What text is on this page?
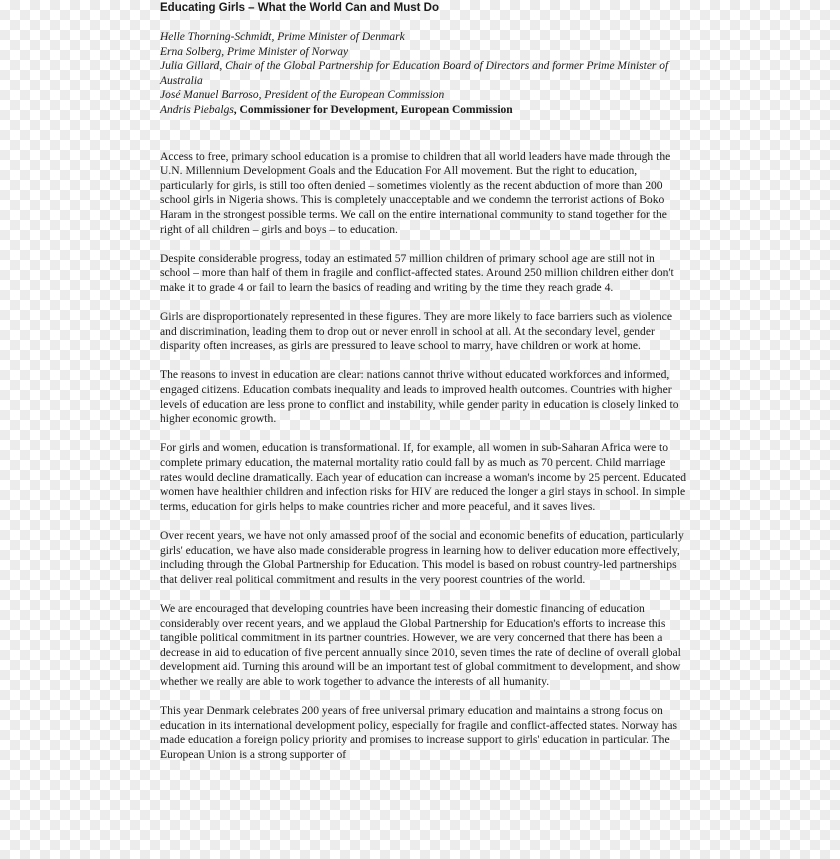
Educating Girls – What the World Can and Must Do
Helle Thorning-Schmidt, Prime Minister of Denmark
Erna Solberg, Prime Minister of Norway
Julia Gillard, Chair of the Global Partnership for Education Board of Directors and former Prime Minister of Australia
José Manuel Barroso, President of the European Commission
Andris Piebalgs, Commissioner for Development, European Commission

Access to free, primary school education is a promise to children that all world leaders have made through the U.N. Millennium Development Goals and the Education For All movement. But the right to education, particularly for girls, is still too often denied – sometimes violently as the recent abduction of more than 200 school girls in Nigeria shows. This is completely unacceptable and we condemn the terrorist actions of Boko Haram in the strongest possible terms. We call on the entire international community to stand together for the right of all children – girls and boys – to education.

Despite considerable progress, today an estimated 57 million children of primary school age are still not in school – more than half of them in fragile and conflict-affected states. Around 250 million children either don't make it to grade 4 or fail to learn the basics of reading and writing by the time they reach grade 4.

Girls are disproportionately represented in these figures. They are more likely to face barriers such as violence and discrimination, leading them to drop out or never enroll in school at all. At the secondary level, gender disparity often increases, as girls are pressured to leave school to marry, have children or work at home.

The reasons to invest in education are clear: nations cannot thrive without educated workforces and informed, engaged citizens. Education combats inequality and leads to improved health outcomes. Countries with higher levels of education are less prone to conflict and instability, while gender parity in education is closely linked to higher economic growth.

For girls and women, education is transformational. If, for example, all women in sub-Saharan Africa were to complete primary education, the maternal mortality ratio could fall by as much as 70 percent. Child marriage rates would decline dramatically. Each year of education can increase a woman's income by 25 percent. Educated women have healthier children and infection risks for HIV are reduced the longer a girl stays in school. In simple terms, education for girls helps to make countries richer and more peaceful, and it saves lives.

Over recent years, we have not only amassed proof of the social and economic benefits of education, particularly girls' education, we have also made considerable progress in learning how to deliver education more effectively, including through the Global Partnership for Education. This model is based on robust country-led partnerships that deliver real political commitment and results in the very poorest countries of the world.

We are encouraged that developing countries have been increasing their domestic financing of education considerably over recent years, and we applaud the Global Partnership for Education's efforts to increase this tangible political commitment in its partner countries. However, we are very concerned that there has been a decrease in aid to education of five percent annually since 2010, seven times the rate of decline of overall global development aid. Turning this around will be an important test of global commitment to development, and show whether we really are able to work together to advance the interests of all humanity.

This year Denmark celebrates 200 years of free universal primary education and maintains a strong focus on education in its international development policy, especially for fragile and conflict-affected states. Norway has made education a foreign policy priority and promises to increase support to girls' education in particular. The European Union is a strong supporter of
